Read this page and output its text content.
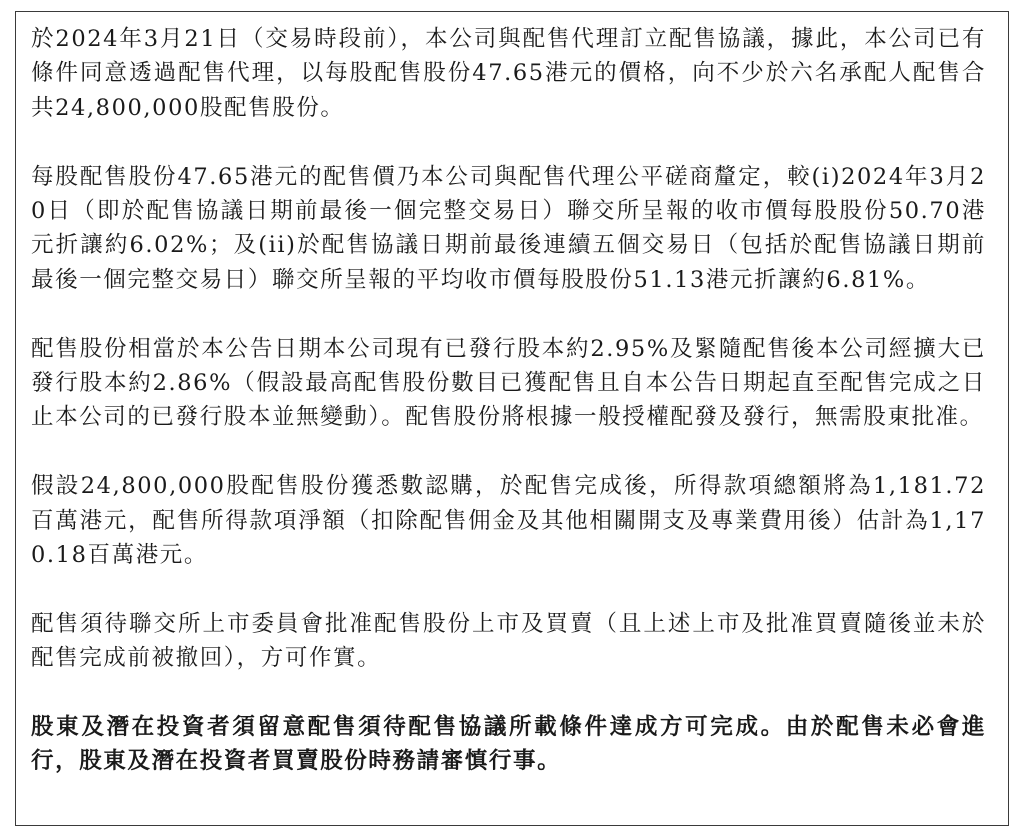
於2024年3月21日（交易時段前），本公司與配售代理訂立配售協議，據此，本公司已有條件同意透過配售代理，以每股配售股份47.65港元的價格，向不少於六名承配人配售合共24,800,000股配售股份。

每股配售股份47.65港元的配售價乃本公司與配售代理公平磋商釐定，較(i)2024年3月20日（即於配售協議日期前最後一個完整交易日）聯交所呈報的收市價每股股份50.70港元折讓約6.02%；及(ii)於配售協議日期前最後連續五個交易日（包括於配售協議日期前最後一個完整交易日）聯交所呈報的平均收市價每股股份51.13港元折讓約6.81%。

配售股份相當於本公告日期本公司現有已發行股本約2.95%及緊隨配售後本公司經擴大已發行股本約2.86%（假設最高配售股份數目已獲配售且自本公告日期起直至配售完成之日止本公司的已發行股本並無變動）。配售股份將根據一般授權配發及發行，無需股東批准。

假設24,800,000股配售股份獲悉數認購，於配售完成後，所得款項總額將為1,181.72百萬港元，配售所得款項淨額（扣除配售佣金及其他相關開支及專業費用後）估計為1,170.18百萬港元。

配售須待聯交所上市委員會批准配售股份上市及買賣（且上述上市及批准買賣隨後並未於配售完成前被撤回），方可作實。

股東及潛在投資者須留意配售須待配售協議所載條件達成方可完成。由於配售未必會進行，股東及潛在投資者買賣股份時務請審慎行事。
